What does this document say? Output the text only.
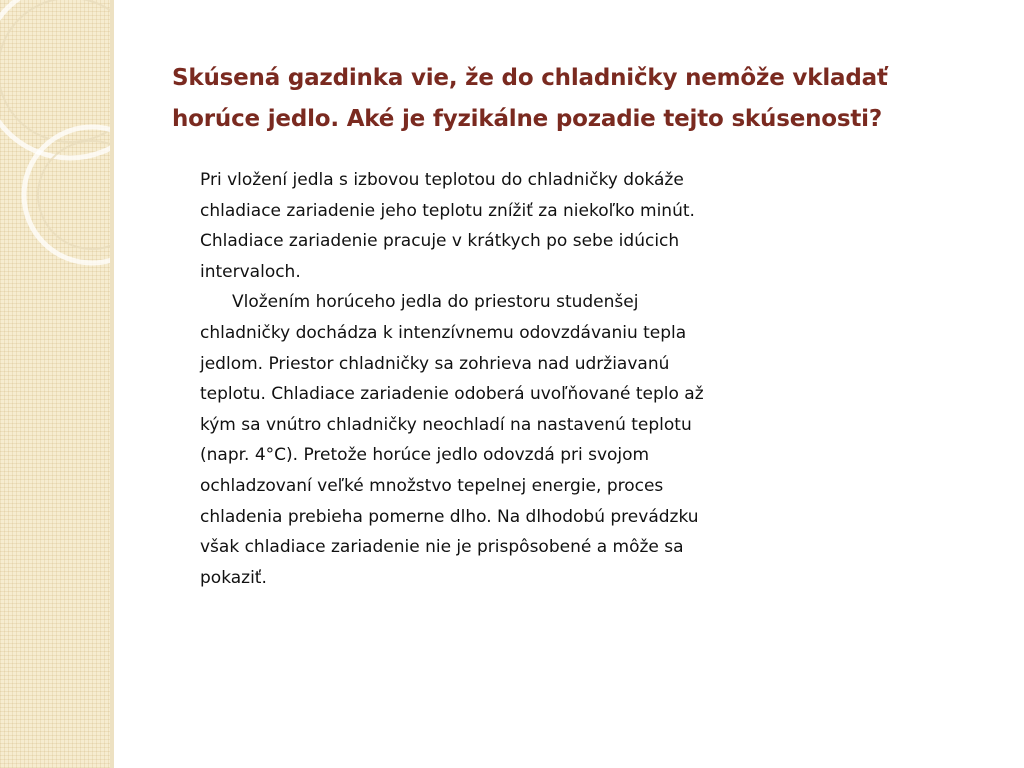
Skúsená gazdinka vie, že do chladničky nemôže vkladať
horúce jedlo. Aké je fyzikálne pozadie tejto skúsenosti?

Pri vložení jedla s izbovou teplotou do chladničky dokáže chladiace zariadenie jeho teplotu znížiť za niekoľko minút. Chladiace zariadenie pracuje v krátkych po sebe idúcich intervaloch.

Vložením horúceho jedla do priestoru studenšej chladničky dochádza k intenzívnemu odovzdávaniu tepla jedlom. Priestor chladničky sa zohrieva nad udržiavanú teplotu. Chladiace zariadenie odoberá uvoľňované teplo až kým sa vnútro chladničky neochladí na nastavenú teplotu (napr. 4°C). Pretože horúce jedlo odovzdá pri svojom ochladzovaní veľké množstvo tepelnej energie, proces chladenia prebieha pomerne dlho. Na dlhodobú prevádzku však chladiace zariadenie nie je prispôsobené a môže sa pokaziť.
